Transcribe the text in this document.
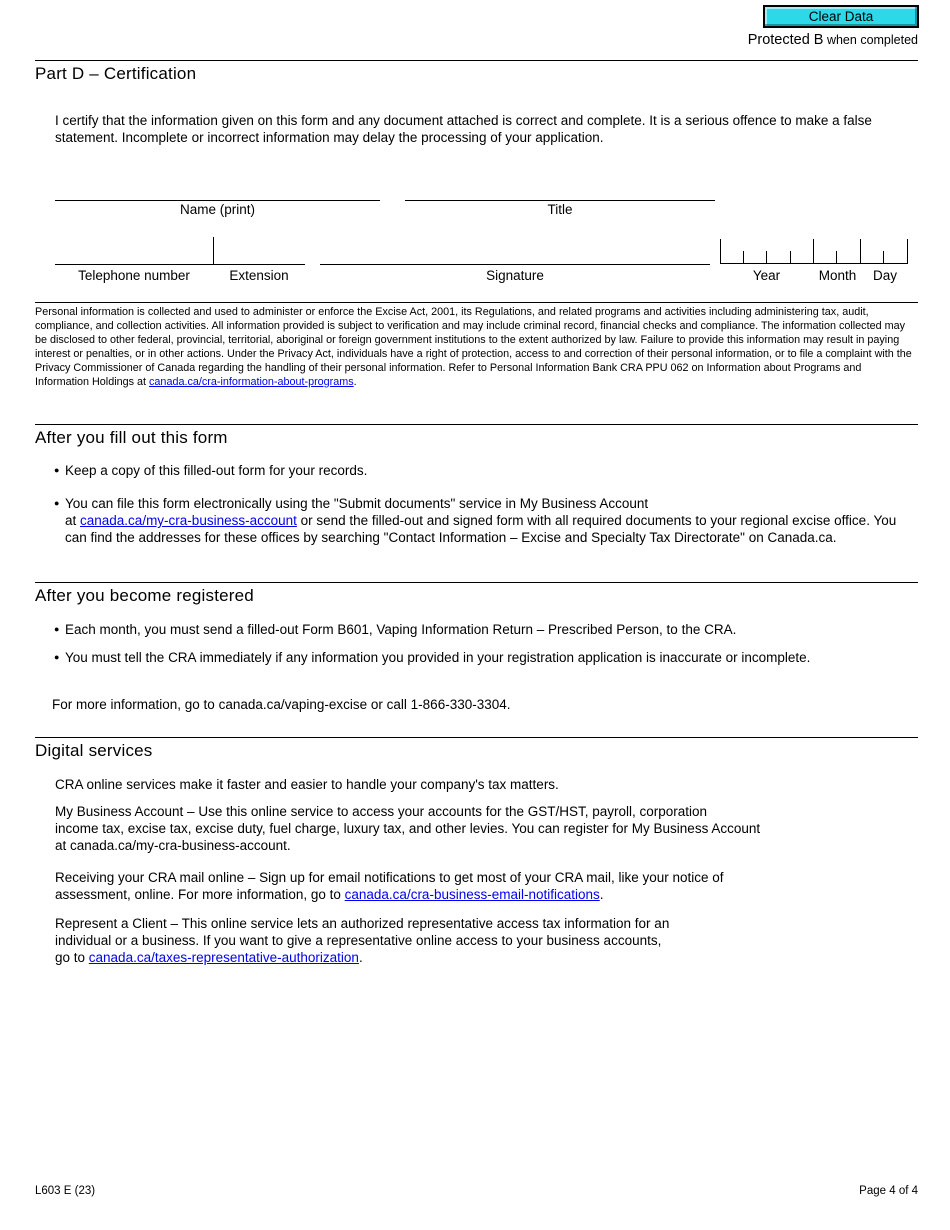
Clear Data
Protected B when completed
Part D – Certification
I certify that the information given on this form and any document attached is correct and complete. It is a serious offence to make a false statement. Incomplete or incorrect information may delay the processing of your application.
Name (print)	Title
Telephone number	Extension	Signature	Year	Month	Day
Personal information is collected and used to administer or enforce the Excise Act, 2001, its Regulations, and related programs and activities including administering tax, audit, compliance, and collection activities. All information provided is subject to verification and may include criminal record, financial checks and compliance. The information collected may be disclosed to other federal, provincial, territorial, aboriginal or foreign government institutions to the extent authorized by law. Failure to provide this information may result in paying interest or penalties, or in other actions. Under the Privacy Act, individuals have a right of protection, access to and correction of their personal information, or to file a complaint with the Privacy Commissioner of Canada regarding the handling of their personal information. Refer to Personal Information Bank CRA PPU 062 on Information about Programs and Information Holdings at canada.ca/cra-information-about-programs.
After you fill out this form
● Keep a copy of this filled-out form for your records.
● You can file this form electronically using the "Submit documents" service in My Business Account
at canada.ca/my-cra-business-account or send the filled-out and signed form with all required documents to your regional excise office. You can find the addresses for these offices by searching "Contact Information – Excise and Specialty Tax Directorate" on Canada.ca.
After you become registered
● Each month, you must send a filled-out Form B601, Vaping Information Return – Prescribed Person, to the CRA.
● You must tell the CRA immediately if any information you provided in your registration application is inaccurate or incomplete.
For more information, go to canada.ca/vaping-excise or call 1-866-330-3304.
Digital services
CRA online services make it faster and easier to handle your company's tax matters.
My Business Account – Use this online service to access your accounts for the GST/HST, payroll, corporation
income tax, excise tax, excise duty, fuel charge, luxury tax, and other levies. You can register for My Business Account
at canada.ca/my-cra-business-account.
Receiving your CRA mail online – Sign up for email notifications to get most of your CRA mail, like your notice of
assessment, online. For more information, go to canada.ca/cra-business-email-notifications.
Represent a Client – This online service lets an authorized representative access tax information for an
individual or a business. If you want to give a representative online access to your business accounts,
go to canada.ca/taxes-representative-authorization.
L603 E (23)	Page 4 of 4
